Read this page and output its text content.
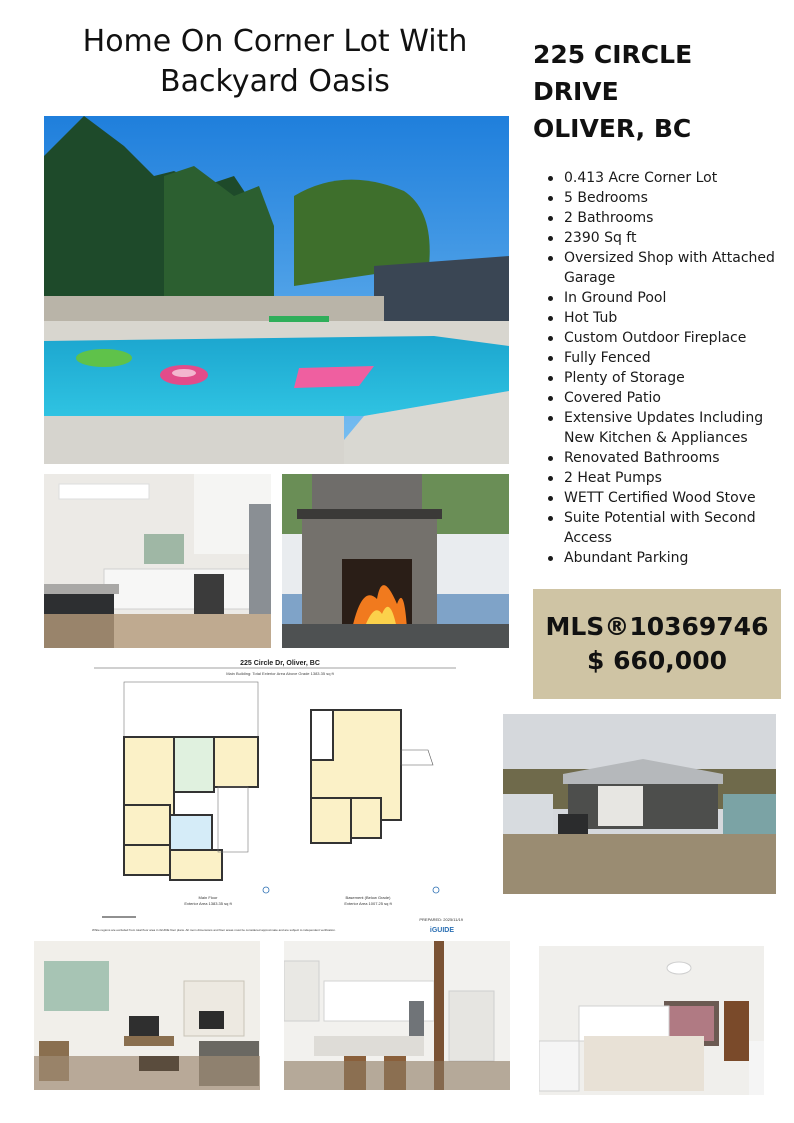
Home On Corner Lot With Backyard Oasis
225 CIRCLE
DRIVE
OLIVER, BC
0.413 Acre Corner Lot
5 Bedrooms
2 Bathrooms
2390 Sq ft
Oversized Shop with Attached Garage
In Ground Pool
Hot Tub
Custom Outdoor Fireplace
Fully Fenced
Plenty of Storage
Covered Patio
Extensive Updates Including New Kitchen & Appliances
Renovated Bathrooms
2 Heat Pumps
WETT Certified Wood Stove
Suite Potential with Second Access
Abundant Parking
MLS®10369746
$ 660,000
225 Circle Dr, Oliver, BC
Main Building: Total Exterior Area Above Grade 1383.35 sq ft
Main Floor
Exterior Area 1383.35 sq ft
Basement (Below Grade)
Exterior Area 1007.25 sq ft
PREPARED: 2025/11/19
White regions are excluded from total floor area in iGUIDE floor plans. All room dimensions and floor areas must be considered approximate and are subject to independent verification.	iGUIDE
